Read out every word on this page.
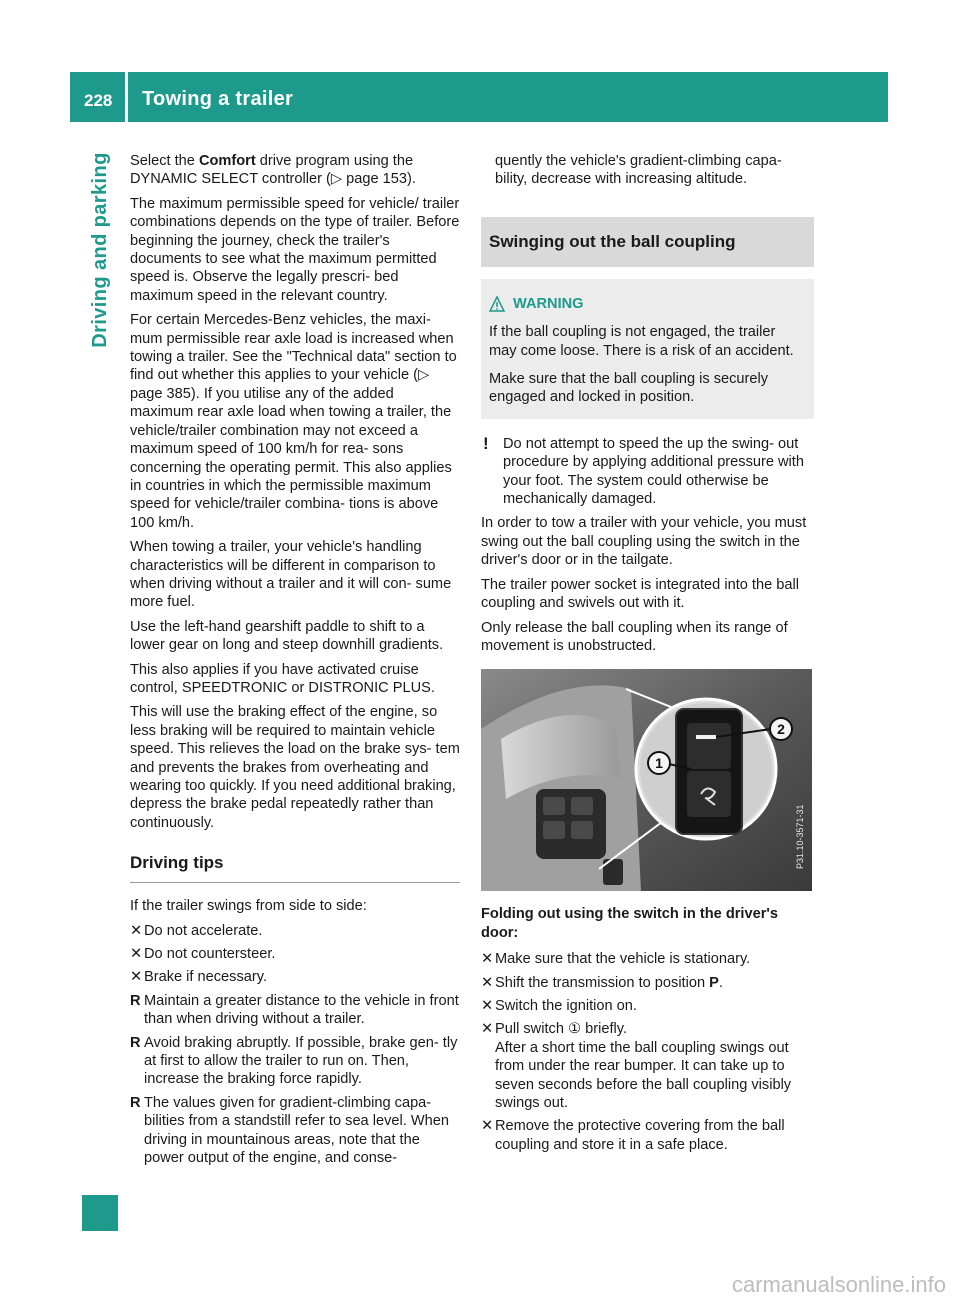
228 Towing a trailer
Driving and parking Select the Comfort drive program using the DYNAMIC SELECT controller (▷ page 153).

The maximum permissible speed for vehicle/ trailer combinations depends on the type of trailer. Before beginning the journey, check the trailer's documents to see what the maximum permitted speed is. Observe the legally prescri- bed maximum speed in the relevant country.

For certain Mercedes-Benz vehicles, the maxi- mum permissible rear axle load is increased when towing a trailer. See the "Technical data" section to find out whether this applies to your vehicle (▷ page 385). If you utilise any of the added maximum rear axle load when towing a trailer, the vehicle/trailer combination may not exceed a maximum speed of 100 km/h for rea- sons concerning the operating permit. This also applies in countries in which the permissible maximum speed for vehicle/trailer combina- tions is above 100 km/h.

When towing a trailer, your vehicle's handling characteristics will be different in comparison to when driving without a trailer and it will con- sume more fuel.

Use the left-hand gearshift paddle to shift to a lower gear on long and steep downhill gradients.

This also applies if you have activated cruise control, SPEEDTRONIC or DISTRONIC PLUS.

This will use the braking effect of the engine, so less braking will be required to maintain vehicle speed. This relieves the load on the brake sys- tem and prevents the brakes from overheating and wearing too quickly. If you need additional braking, depress the brake pedal repeatedly rather than continuously.

Driving tips

If the trailer swings from side to side:

✕ Do not accelerate.
✕ Do not countersteer.
✕ Brake if necessary.
R Maintain a greater distance to the vehicle in front than when driving without a trailer.
R Avoid braking abruptly. If possible, brake gen- tly at first to allow the trailer to run on. Then, increase the braking force rapidly.
R The values given for gradient-climbing capa- bilities from a standstill refer to sea level. When driving in mountainous areas, note that the power output of the engine, and conse-

quently the vehicle's gradient-climbing capa- bility, decrease with increasing altitude.

Swinging out the ball coupling
WARNING

If the ball coupling is not engaged, the trailer may come loose. There is a risk of an accident.

Make sure that the ball coupling is securely engaged and locked in position.

! Do not attempt to speed the up the swing- out procedure by applying additional pressure with your foot. The system could otherwise be mechanically damaged.

In order to tow a trailer with your vehicle, you must swing out the ball coupling using the switch in the driver's door or in the tailgate.

The trailer power socket is integrated into the ball coupling and swivels out with it.

Only release the ball coupling when its range of movement is unobstructed.

2
1
P31.10-3571-31
Folding out using the switch in the driver's door:
✕ Make sure that the vehicle is stationary.
✕ Shift the transmission to position P.
✕ Switch the ignition on.
✕ Pull switch ① briefly.
After a short time the ball coupling swings out from under the rear bumper. It can take up to seven seconds before the ball coupling visibly swings out.
✕ Remove the protective covering from the ball coupling and store it in a safe place.
carmanualsonline.info
